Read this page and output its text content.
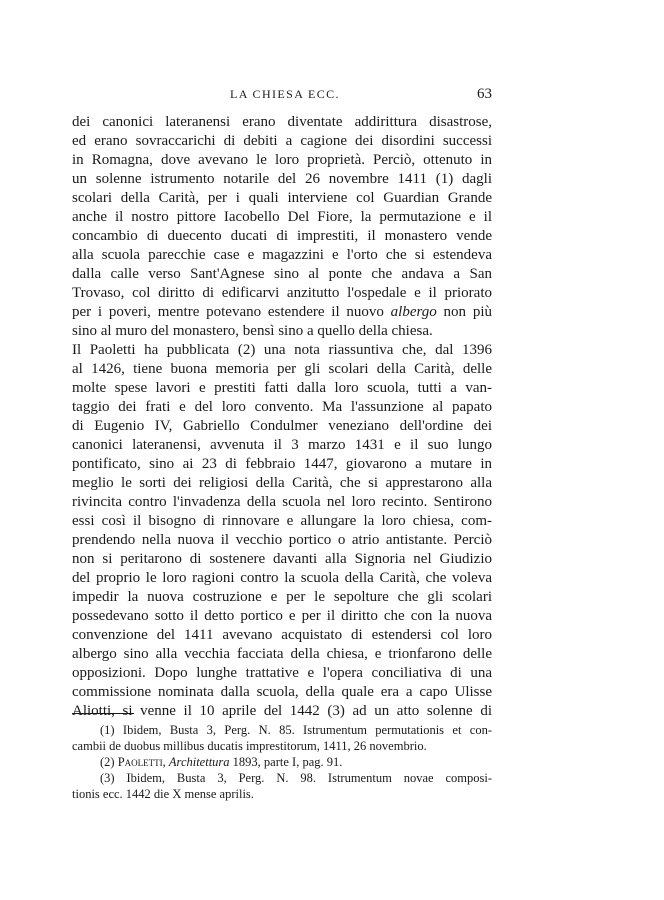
LA CHIESA ECC.	63
dei canonici lateranensi erano diventate addirittura disastrose,
ed erano sovraccarichi di debiti a cagione dei disordini successi
in Romagna, dove avevano le loro proprietà. Perciò, ottenuto in
un solenne istrumento notarile del 26 novembre 1411 (1) dagli
scolari della Carità, per i quali interviene col Guardian Grande
anche il nostro pittore Iacobello Del Fiore, la permutazione e il
concambio di duecento ducati di imprestiti, il monastero vende
alla scuola parecchie case e magazzini e l'orto che si estendeva
dalla calle verso Sant'Agnese sino al ponte che andava a San
Trovaso, col diritto di edificarvi anzitutto l'ospedale e il priorato
per i poveri, mentre potevano estendere il nuovo albergo non più
sino al muro del monastero, bensì sino a quello della chiesa.
Il Paoletti ha pubblicata (2) una nota riassuntiva che, dal 1396
al 1426, tiene buona memoria per gli scolari della Carità, delle
molte spese lavori e prestiti fatti dalla loro scuola, tutti a van-
taggio dei frati e del loro convento. Ma l'assunzione al papato
di Eugenio IV, Gabriello Condulmer veneziano dell'ordine dei
canonici lateranensi, avvenuta il 3 marzo 1431 e il suo lungo
pontificato, sino ai 23 di febbraio 1447, giovarono a mutare in
meglio le sorti dei religiosi della Carità, che si apprestarono alla
rivincita contro l'invadenza della scuola nel loro recinto. Sentirono
essi così il bisogno di rinnovare e allungare la loro chiesa, com-
prendendo nella nuova il vecchio portico o atrio antistante. Perciò
non si peritarono di sostenere davanti alla Signoria nel Giudizio
del proprio le loro ragioni contro la scuola della Carità, che voleva
impedir la nuova costruzione e per le sepolture che gli scolari
possedevano sotto il detto portico e per il diritto che con la nuova
convenzione del 1411 avevano acquistato di estendersi col loro
albergo sino alla vecchia facciata della chiesa, e trionfarono delle
opposizioni. Dopo lunghe trattative e l'opera conciliativa di una
commissione nominata dalla scuola, della quale era a capo Ulisse
Aliotti, si venne il 10 aprile del 1442 (3) ad un atto solenne di
(1) Ibidem, Busta 3, Perg. N. 85. Istrumentum permutationis et con-
cambii de duobus millibus ducatis imprestitorum, 1411, 26 novembrio.
(2) Paoletti, Architettura 1893, parte I, pag. 91.
(3) Ibidem, Busta 3, Perg. N. 98. Istrumentum novae composi-
tionis ecc. 1442 die X mense aprilis.
